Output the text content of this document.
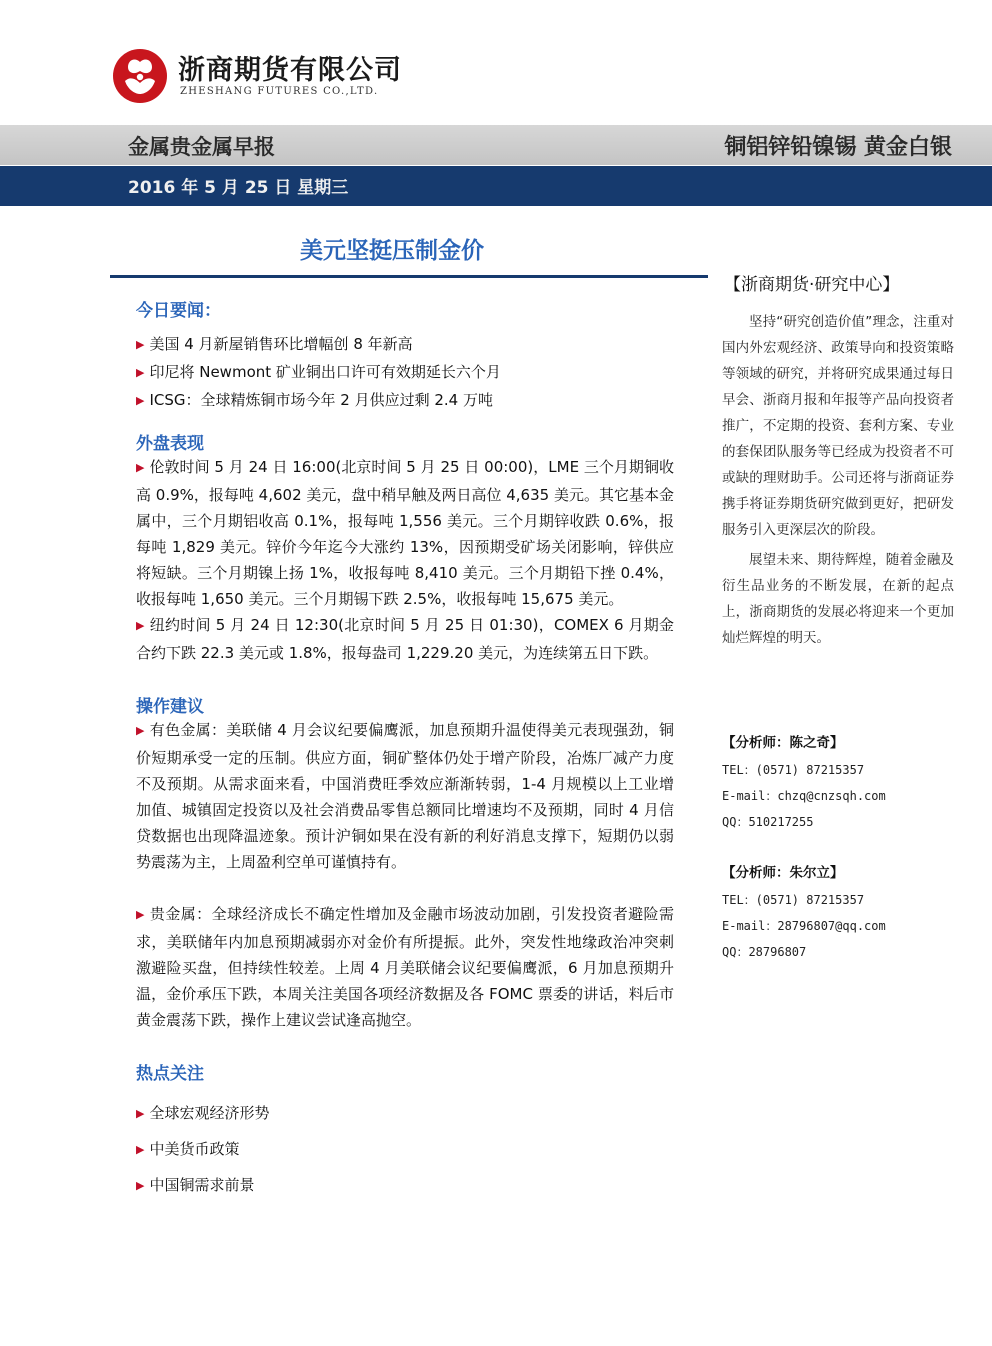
浙商期货有限公司
ZHESHANG FUTURES CO.,LTD.
金属贵金属早报	铜铝锌铅镍锡 黄金白银
2016 年 5 月 25 日 星期三
美元坚挺压制金价
今日要闻：
▶ 美国 4 月新屋销售环比增幅创 8 年新高
▶ 印尼将 Newmont 矿业铜出口许可有效期延长六个月
▶ ICSG：全球精炼铜市场今年 2 月供应过剩 2.4 万吨
外盘表现

▶ 伦敦时间 5 月 24 日 16:00(北京时间 5 月 25 日 00:00)，LME 三个月期铜收高 0.9%，报每吨 4,602 美元，盘中稍早触及两日高位 4,635 美元。其它基本金属中，三个月期铝收高 0.1%，报每吨 1,556 美元。三个月期锌收跌 0.6%，报每吨 1,829 美元。锌价今年迄今大涨约 13%，因预期受矿场关闭影响，锌供应将短缺。三个月期镍上扬 1%，收报每吨 8,410 美元。三个月期铅下挫 0.4%，收报每吨 1,650 美元。三个月期锡下跌 2.5%，收报每吨 15,675 美元。

▶ 纽约时间 5 月 24 日 12:30(北京时间 5 月 25 日 01:30)，COMEX 6 月期金合约下跌 22.3 美元或 1.8%，报每盎司 1,229.20 美元，为连续第五日下跌。

操作建议

▶ 有色金属：美联储 4 月会议纪要偏鹰派，加息预期升温使得美元表现强劲，铜价短期承受一定的压制。供应方面，铜矿整体仍处于增产阶段，冶炼厂减产力度不及预期。从需求面来看，中国消费旺季效应渐渐转弱，1-4 月规模以上工业增加值、城镇固定投资以及社会消费品零售总额同比增速均不及预期，同时 4 月信贷数据也出现降温迹象。预计沪铜如果在没有新的利好消息支撑下，短期仍以弱势震荡为主，上周盈利空单可谨慎持有。

▶ 贵金属：全球经济成长不确定性增加及金融市场波动加剧，引发投资者避险需求，美联储年内加息预期减弱亦对金价有所提振。此外，突发性地缘政治冲突刺激避险买盘，但持续性较差。上周 4 月美联储会议纪要偏鹰派，6 月加息预期升温，金价承压下跌，本周关注美国各项经济数据及各 FOMC 票委的讲话，料后市黄金震荡下跌，操作上建议尝试逢高抛空。

热点关注
▶ 全球宏观经济形势
▶ 中美货币政策
▶ 中国铜需求前景
【浙商期货·研究中心】

坚持“研究创造价值”理念，注重对国内外宏观经济、政策导向和投资策略等领域的研究，并将研究成果通过每日早会、浙商月报和年报等产品向投资者推广，不定期的投资、套利方案、专业的套保团队服务等已经成为投资者不可或缺的理财助手。公司还将与浙商证券携手将证券期货研究做到更好，把研发服务引入更深层次的阶段。

展望未来、期待辉煌，随着金融及衍生品业务的不断发展，在新的起点上，浙商期货的发展必将迎来一个更加灿烂辉煌的明天。

【分析师：陈之奇】

TEL：(0571) 87215357

E-mail：chzq@cnzsqh.com

QQ：510217255

【分析师：朱尔立】

TEL：(0571) 87215357

E-mail：28796807@qq.com

QQ：28796807
